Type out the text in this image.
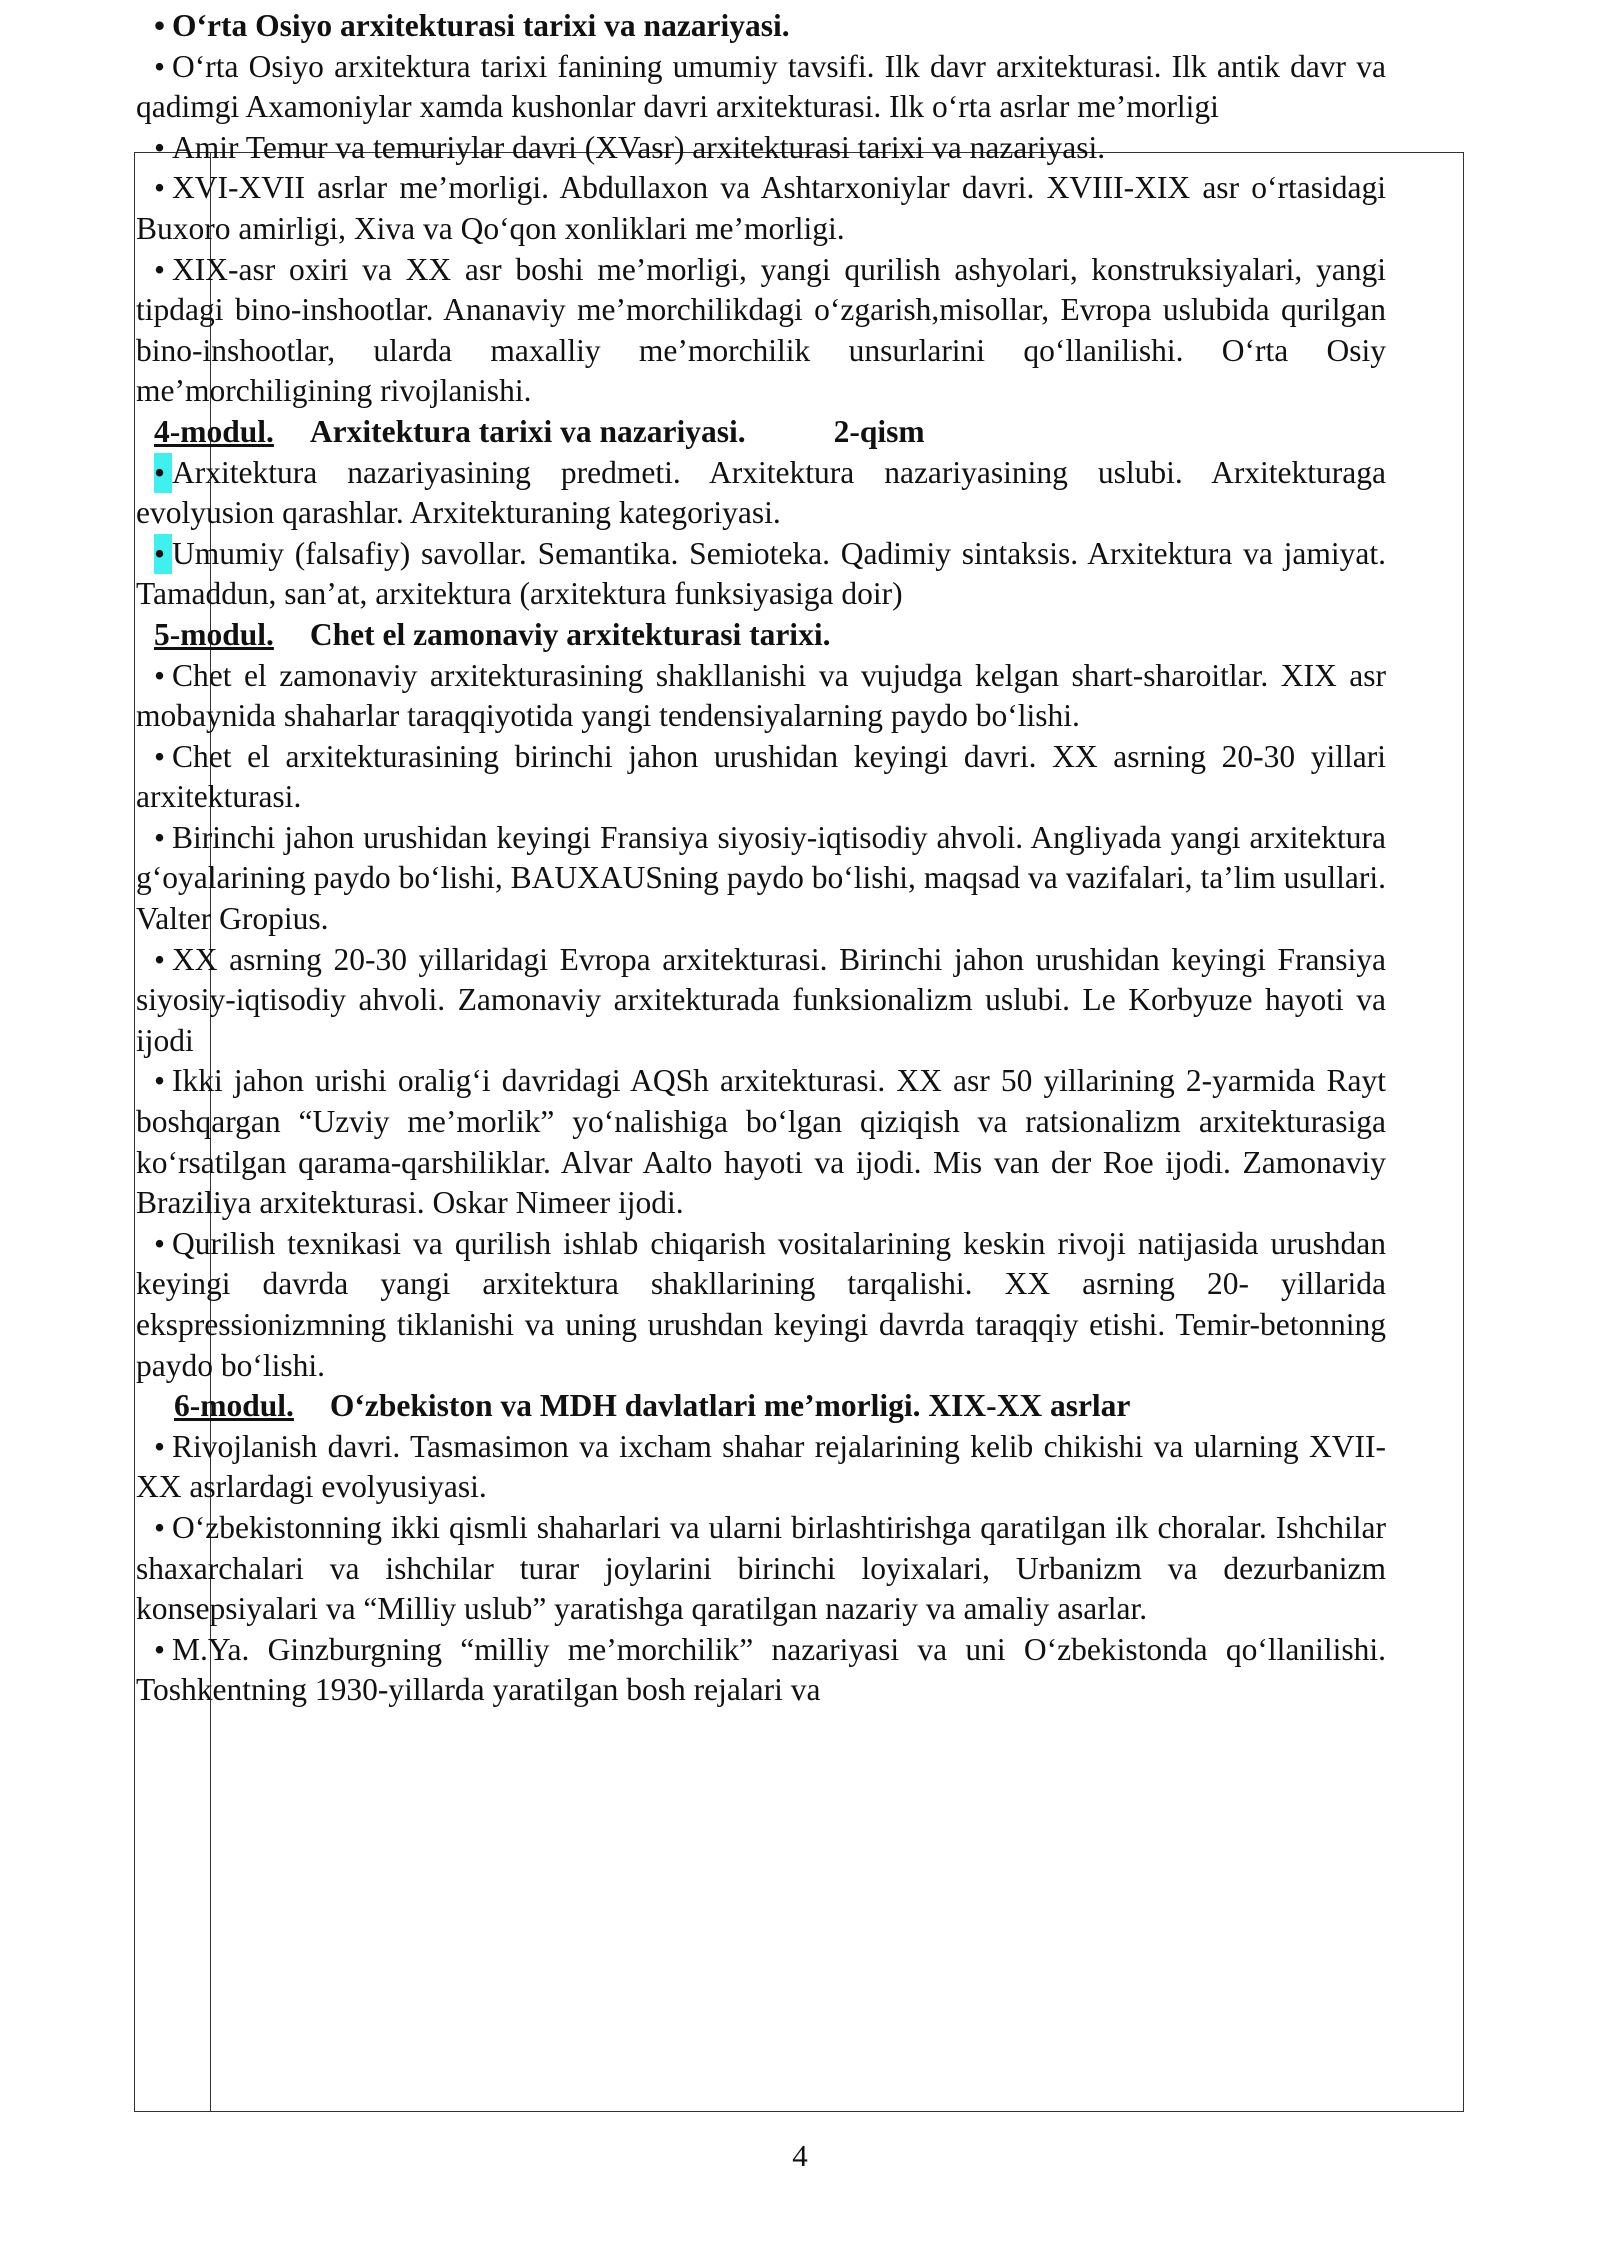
• O‘rta Osiyo arxitekturasi tarixi va nazariyasi.

• O‘rta Osiyo arxitektura tarixi fanining umumiy tavsifi. Ilk davr arxitekturasi. Ilk antik davr va qadimgi Axamoniylar xamda kushonlar davri arxitekturasi. Ilk o‘rta asrlar me’morligi

• Amir Temur va temuriylar davri (XVasr) arxitekturasi tarixi va nazariyasi.

• XVI-XVII asrlar me’morligi. Abdullaxon va Ashtarxoniylar davri. XVIII-XIX asr o‘rtasidagi Buxoro amirligi, Xiva va Qo‘qon xonliklari me’morligi.

• XIX-asr oxiri va XX asr boshi me’morligi, yangi qurilish ashyolari, konstruksiyalari, yangi tipdagi bino-inshootlar. Ananaviy me’morchilikdagi o‘zgarish,misollar, Evropa uslubida qurilgan bino-inshootlar, ularda maxalliy me’morchilik unsurlarini qo‘llanilishi. O‘rta Osiy me’morchiligining rivojlanishi.

4-modul. Arxitektura tarixi va nazariyasi.	2-qism

• Arxitektura nazariyasining predmeti. Arxitektura nazariyasining uslubi. Arxitekturaga evolyusion qarashlar. Arxitekturaning kategoriyasi.

• Umumiy (falsafiy) savollar. Semantika. Semioteka. Qadimiy sintaksis. Arxitektura va jamiyat. Tamaddun, san’at, arxitektura (arxitektura funksiyasiga doir)

5-modul. Chet el zamonaviy arxitekturasi tarixi.

• Chet el zamonaviy arxitekturasining shakllanishi va vujudga kelgan shart-sharoitlar. XIX asr mobaynida shaharlar taraqqiyotida yangi tendensiyalarning paydo bo‘lishi.

• Chet el arxitekturasining birinchi jahon urushidan keyingi davri. XX asrning 20-30 yillari arxitekturasi.

• Birinchi jahon urushidan keyingi Fransiya siyosiy-iqtisodiy ahvoli. Angliyada yangi arxitektura g‘oyalarining paydo bo‘lishi, BAUXAUSning paydo bo‘lishi, maqsad va vazifalari, ta’lim usullari. Valter Gropius.

• XX asrning 20-30 yillaridagi Evropa arxitekturasi. Birinchi jahon urushidan keyingi Fransiya siyosiy-iqtisodiy ahvoli. Zamonaviy arxitekturada funksionalizm uslubi. Le Korbyuze hayoti va ijodi

• Ikki jahon urishi oralig‘i davridagi AQSh arxitekturasi. XX asr 50 yillarining 2-yarmida Rayt boshqargan “Uzviy me’morlik” yo‘nalishiga bo‘lgan qiziqish va ratsionalizm arxitekturasiga ko‘rsatilgan qarama-qarshiliklar. Alvar Aalto hayoti va ijodi. Mis van der Roe ijodi. Zamonaviy Braziliya arxitekturasi. Oskar Nimeer ijodi.

• Qurilish texnikasi va qurilish ishlab chiqarish vositalarining keskin rivoji natijasida urushdan keyingi davrda yangi arxitektura shakllarining tarqalishi. XX asrning 20- yillarida ekspressionizmning tiklanishi va uning urushdan keyingi davrda taraqqiy etishi. Temir-betonning paydo bo‘lishi.

6-modul. O‘zbekiston va MDH davlatlari me’morligi. XIX-XX asrlar

• Rivojlanish davri. Tasmasimon va ixcham shahar rejalarining kelib chikishi va ularning XVII- XX asrlardagi evolyusiyasi.

• O‘zbekistonning ikki qismli shaharlari va ularni birlashtirishga qaratilgan ilk choralar. Ishchilar shaxarchalari va ishchilar turar joylarini birinchi loyixalari, Urbanizm va dezurbanizm konsepsiyalari va “Milliy uslub” yaratishga qaratilgan nazariy va amaliy asarlar.

• M.Ya. Ginzburgning “milliy me’morchilik” nazariyasi va uni O‘zbekistonda qo‘llanilishi. Toshkentning 1930-yillarda yaratilgan bosh rejalari va

4
